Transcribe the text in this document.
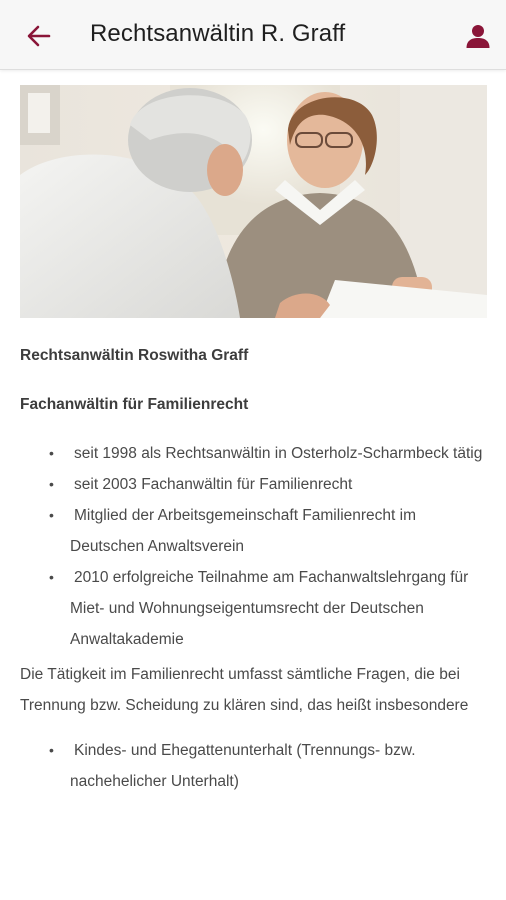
Rechtsanwältin R. Graff
Rechtsanwältin Roswitha Graff
Fachanwältin für Familienrecht
• seit 1998 als Rechtsanwältin in Osterholz-Scharmbeck tätig
• seit 2003 Fachanwältin für Familienrecht
• Mitglied der Arbeitsgemeinschaft Familienrecht im Deutschen Anwaltsverein
• 2010 erfolgreiche Teilnahme am Fachanwaltslehrgang für Miet- und Wohnungseigentumsrecht der Deutschen Anwaltakademie

Die Tätigkeit im Familienrecht umfasst sämtliche Fragen, die bei Trennung bzw. Scheidung zu klären sind, das heißt insbesondere

• Kindes- und Ehegattenunterhalt (Trennungs- bzw. nachehelicher Unterhalt)
